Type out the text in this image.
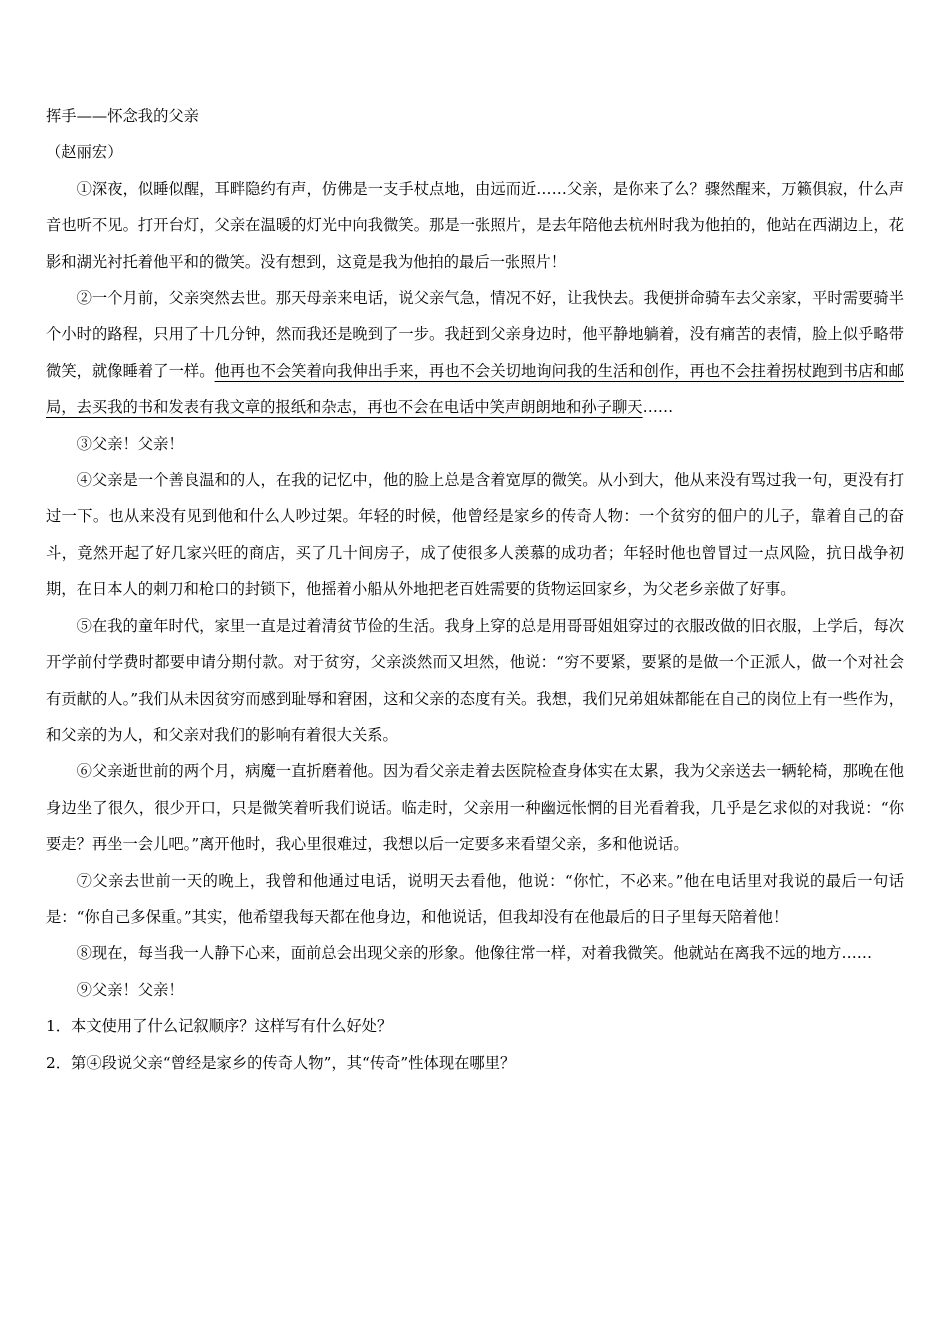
挥手——怀念我的父亲

（赵丽宏）

①深夜，似睡似醒，耳畔隐约有声，仿佛是一支手杖点地，由远而近……父亲，是你来了么？骤然醒来，万籁俱寂，什么声音也听不见。打开台灯，父亲在温暖的灯光中向我微笑。那是一张照片，是去年陪他去杭州时我为他拍的，他站在西湖边上，花影和湖光衬托着他平和的微笑。没有想到，这竟是我为他拍的最后一张照片！

②一个月前，父亲突然去世。那天母亲来电话，说父亲气急，情况不好，让我快去。我便拼命骑车去父亲家，平时需要骑半个小时的路程，只用了十几分钟，然而我还是晚到了一步。我赶到父亲身边时，他平静地躺着，没有痛苦的表情，脸上似乎略带微笑，就像睡着了一样。他再也不会笑着向我伸出手来，再也不会关切地询问我的生活和创作，再也不会拄着拐杖跑到书店和邮局，去买我的书和发表有我文章的报纸和杂志，再也不会在电话中笑声朗朗地和孙子聊天……

③父亲！父亲！

④父亲是一个善良温和的人，在我的记忆中，他的脸上总是含着宽厚的微笑。从小到大，他从来没有骂过我一句，更没有打过一下。也从来没有见到他和什么人吵过架。年轻的时候，他曾经是家乡的传奇人物：一个贫穷的佃户的儿子，靠着自己的奋斗，竟然开起了好几家兴旺的商店，买了几十间房子，成了使很多人羡慕的成功者；年轻时他也曾冒过一点风险，抗日战争初期，在日本人的刺刀和枪口的封锁下，他摇着小船从外地把老百姓需要的货物运回家乡，为父老乡亲做了好事。

⑤在我的童年时代，家里一直是过着清贫节俭的生活。我身上穿的总是用哥哥姐姐穿过的衣服改做的旧衣服，上学后，每次开学前付学费时都要申请分期付款。对于贫穷，父亲淡然而又坦然，他说：“穷不要紧，要紧的是做一个正派人，做一个对社会有贡献的人。”我们从未因贫穷而感到耻辱和窘困，这和父亲的态度有关。我想，我们兄弟姐妹都能在自己的岗位上有一些作为，和父亲的为人，和父亲对我们的影响有着很大关系。

⑥父亲逝世前的两个月，病魔一直折磨着他。因为看父亲走着去医院检查身体实在太累，我为父亲送去一辆轮椅，那晚在他身边坐了很久，很少开口，只是微笑着听我们说话。临走时，父亲用一种幽远怅惘的目光看着我，几乎是乞求似的对我说：“你要走？再坐一会儿吧。”离开他时，我心里很难过，我想以后一定要多来看望父亲，多和他说话。

⑦父亲去世前一天的晚上，我曾和他通过电话，说明天去看他，他说：“你忙，不必来。”他在电话里对我说的最后一句话是：“你自己多保重。”其实，他希望我每天都在他身边，和他说话，但我却没有在他最后的日子里每天陪着他！

⑧现在，每当我一人静下心来，面前总会出现父亲的形象。他像往常一样，对着我微笑。他就站在离我不远的地方……

⑨父亲！父亲！

1．本文使用了什么记叙顺序？这样写有什么好处？

2．第④段说父亲“曾经是家乡的传奇人物”，其“传奇”性体现在哪里？
